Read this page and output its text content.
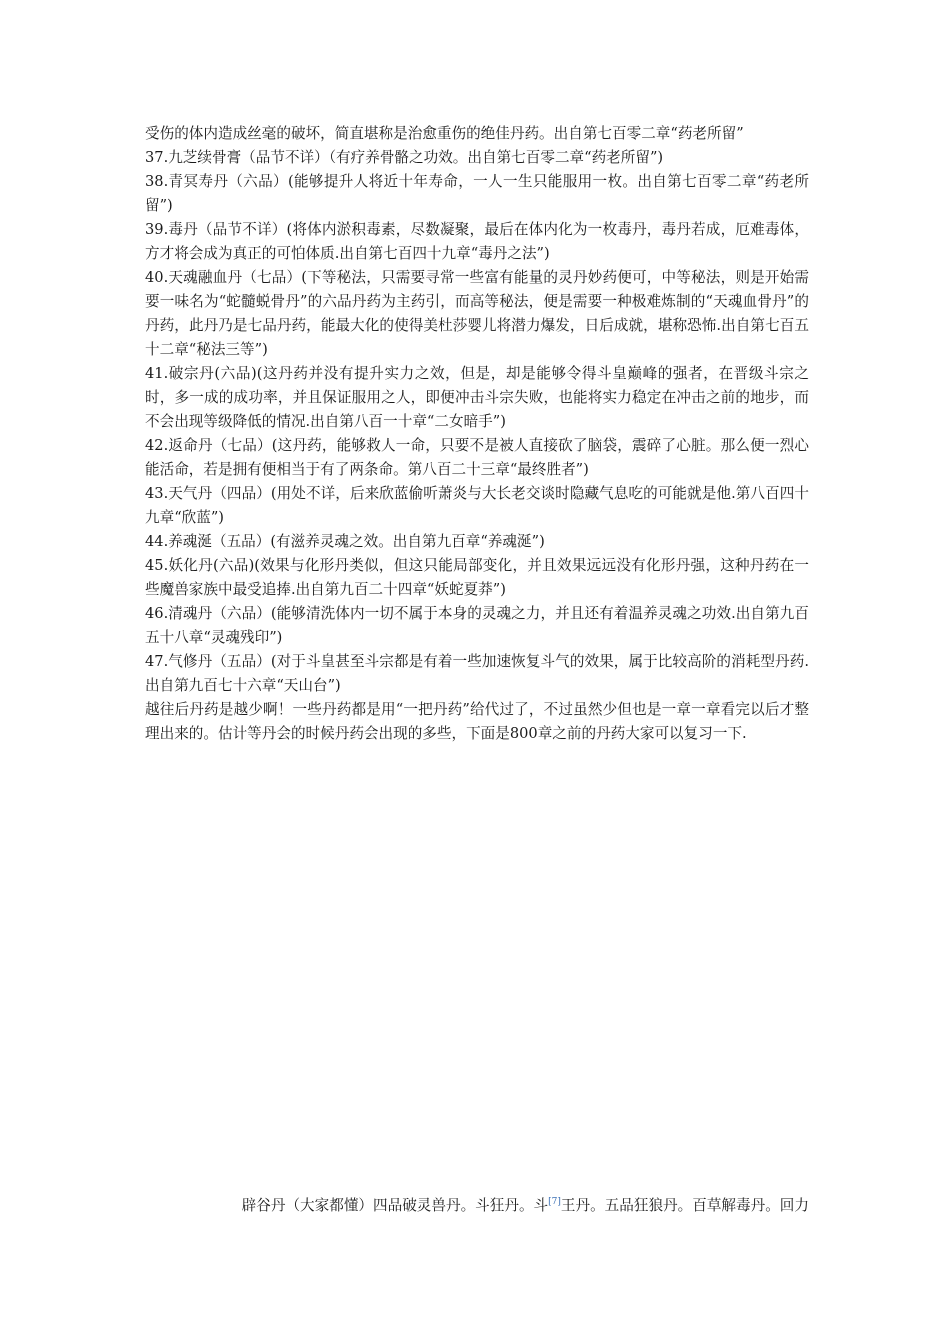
受伤的体内造成丝毫的破坏，简直堪称是治愈重伤的绝佳丹药。出自第七百零二章“药老所留”

37.九芝续骨膏（品节不详）（有疗养骨骼之功效。出自第七百零二章“药老所留”)

38.青冥寿丹（六品）(能够提升人将近十年寿命，一人一生只能服用一枚。出自第七百零二章“药老所留”)

39.毒丹（品节不详）(将体内淤积毒素，尽数凝聚，最后在体内化为一枚毒丹，毒丹若成，厄难毒体，方才将会成为真正的可怕体质.出自第七百四十九章“毒丹之法”)

40.天魂融血丹（七品）(下等秘法，只需要寻常一些富有能量的灵丹妙药便可，中等秘法，则是开始需要一味名为“蛇髓蜕骨丹”的六品丹药为主药引，而高等秘法，便是需要一种极难炼制的“天魂血骨丹”的丹药，此丹乃是七品丹药，能最大化的使得美杜莎婴儿将潜力爆发，日后成就，堪称恐怖.出自第七百五十二章“秘法三等”)

41.破宗丹(六品)(这丹药并没有提升实力之效，但是，却是能够令得斗皇巅峰的强者，在晋级斗宗之时，多一成的成功率，并且保证服用之人，即便冲击斗宗失败，也能将实力稳定在冲击之前的地步，而不会出现等级降低的情况.出自第八百一十章“二女暗手”)

42.返命丹（七品）(这丹药，能够救人一命，只要不是被人直接砍了脑袋，震碎了心脏。那么便一烈心能活命，若是拥有便相当于有了两条命。第八百二十三章“最终胜者”)

43.天气丹（四品）(用处不详，后来欣蓝偷听萧炎与大长老交谈时隐藏气息吃的可能就是他.第八百四十九章“欣蓝”)

44.养魂涎（五品）(有滋养灵魂之效。出自第九百章“养魂涎”)

45.妖化丹(六品)(效果与化形丹类似，但这只能局部变化，并且效果远远没有化形丹强，这种丹药在一些魔兽家族中最受追捧.出自第九百二十四章“妖蛇夏莽”)

46.清魂丹（六品）(能够清洗体内一切不属于本身的灵魂之力，并且还有着温养灵魂之功效.出自第九百五十八章“灵魂残印”)

47.气修丹（五品）(对于斗皇甚至斗宗都是有着一些加速恢复斗气的效果，属于比较高阶的消耗型丹药.出自第九百七十六章“天山台”)

越往后丹药是越少啊！一些丹药都是用“一把丹药”给代过了，不过虽然少但也是一章一章看完以后才整理出来的。估计等丹会的时候丹药会出现的多些，下面是800章之前的丹药大家可以复习一下.

辟谷丹（大家都懂）四品破灵兽丹。斗狂丹。斗[7]王丹。五品狂狼丹。百草解毒丹。回力
